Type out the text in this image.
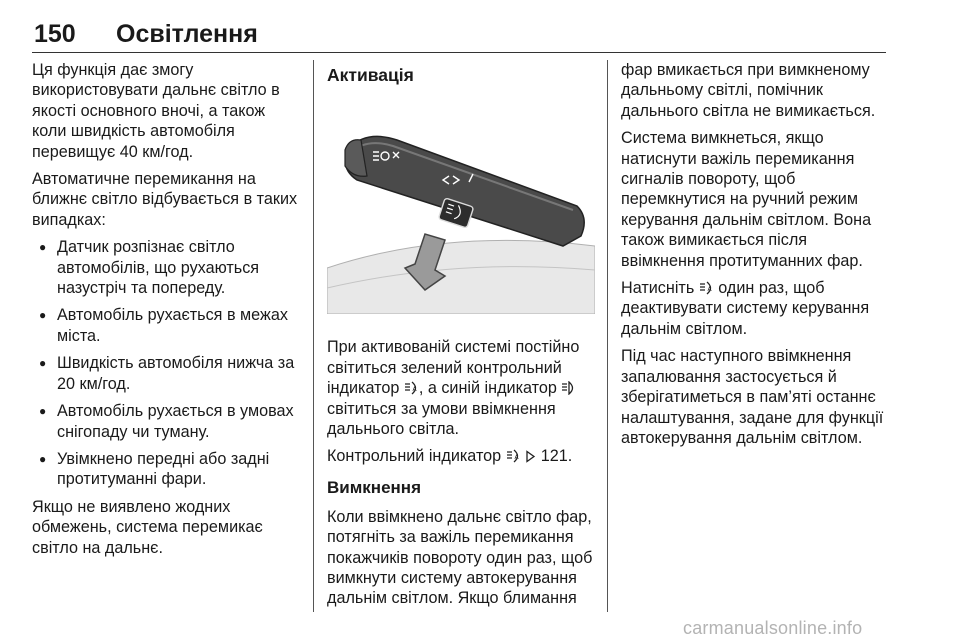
150 Освітлення

Ця функція дає змогу використовувати дальнє світло в якості основного вночі, а також коли швидкість автомобіля перевищує 40 км/год.

Автоматичне перемикання на ближнє світло відбувається в таких випадках:

● Датчик розпізнає світло автомобілів, що рухаються назустріч та попереду.
● Автомобіль рухається в межах міста.
● Швидкість автомобіля нижча за 20 км/год.
● Автомобіль рухається в умовах снігопаду чи туману.
● Увімкнено передні або задні протитуманні фари.

Якщо не виявлено жодних обмежень, система перемикає світло на дальнє.

Активація

При активованій системі постійно світиться зелений контрольний індикатор A , а синій індикатор  світиться за умови ввімкнення дальнього світла.

Контрольний індикатор A 121.

Вимкнення

Коли ввімкнено дальнє світло фар, потягніть за важіль перемикання покажчиків повороту один раз, щоб вимкнути систему автокерування дальнім світлом. Якщо блимання

фар вмикається при вимкненому дальньому світлі, помічник дальнього світла не вимикається.

Система вимкнеться, якщо натиснути важіль перемикання сигналів повороту, щоб перемкнутися на ручний режим керування дальнім світлом. Вона також вимикається після ввімкнення протитуманних фар.

Натисніть A один раз, щоб деактивувати систему керування дальнім світлом.

Під час наступного ввімкнення запалювання застосується й зберігатиметься в пам’яті останнє налаштування, задане для функції автокерування дальнім світлом.

carmanualsonline.info
